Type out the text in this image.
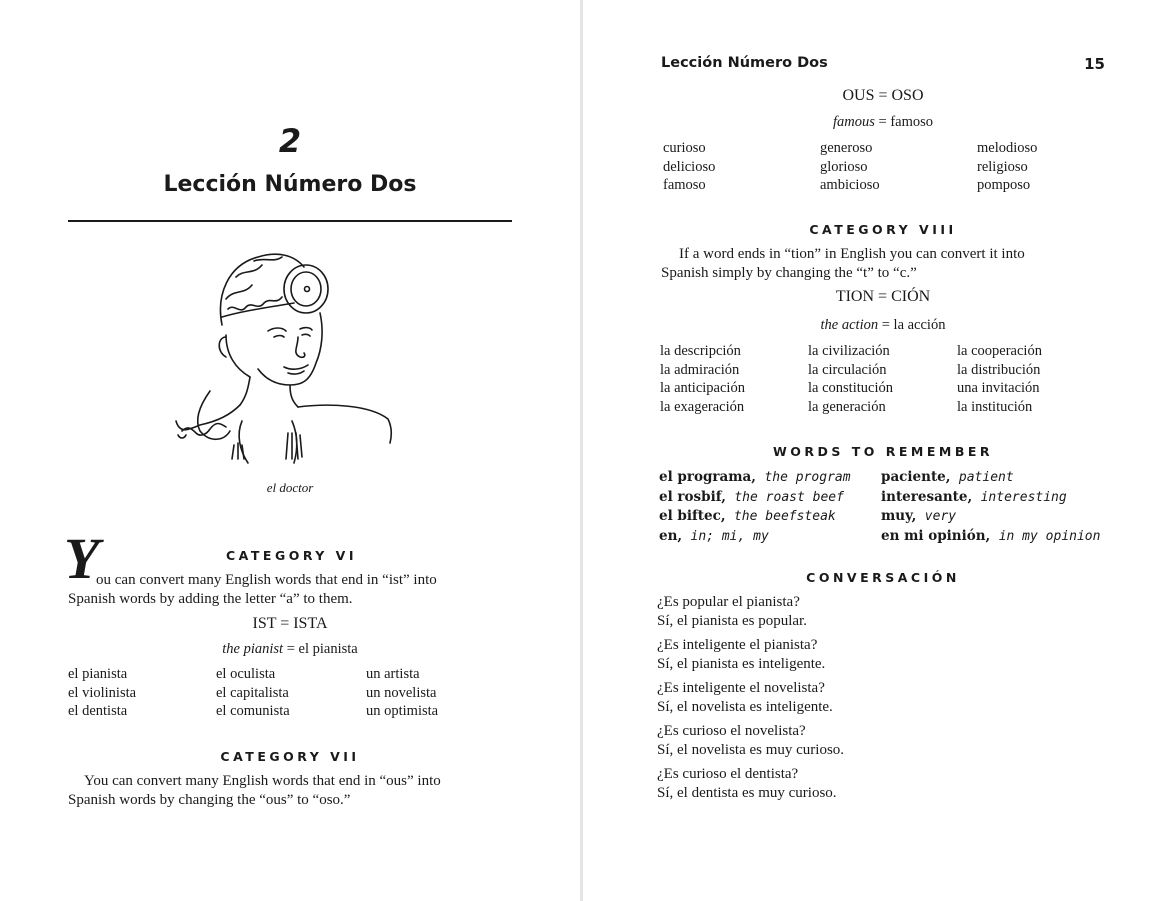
2
Lección Número Dos
el doctor
Y	CATEGORY VI
ou can convert many English words that end in “ist” into
Spanish words by adding the letter “a” to them.
IST = ISTA
the pianist = el pianista
el pianista	el oculista	un artista
el violinista	el capitalista	un novelista
el dentista	el comunista	un optimista
CATEGORY VII
You can convert many English words that end in “ous” into
Spanish words by changing the “ous” to “oso.”
Lección Número Dos	15
OUS = OSO
famous = famoso
curioso	generoso	melodioso
delicioso	glorioso	religioso
famoso	ambicioso	pomposo
CATEGORY VIII
If a word ends in “tion” in English you can convert it into
Spanish simply by changing the “t” to “c.”
TION = CIÓN
the action = la acción
la descripción	la civilización	la cooperación
la admiración	la circulación	la distribución
la anticipación	la constitución	una invitación
la exageración	la generación	la institución
WORDS TO REMEMBER
el programa, the program	paciente, patient
el rosbif, the roast beef	interesante, interesting
el biftec, the beefsteak	muy, very
en, in; mi, my	en mi opinión, in my opinion
CONVERSACIÓN
¿Es popular el pianista?
Sí, el pianista es popular.
¿Es inteligente el pianista?
Sí, el pianista es inteligente.
¿Es inteligente el novelista?
Sí, el novelista es inteligente.
¿Es curioso el novelista?
Sí, el novelista es muy curioso.
¿Es curioso el dentista?
Sí, el dentista es muy curioso.
